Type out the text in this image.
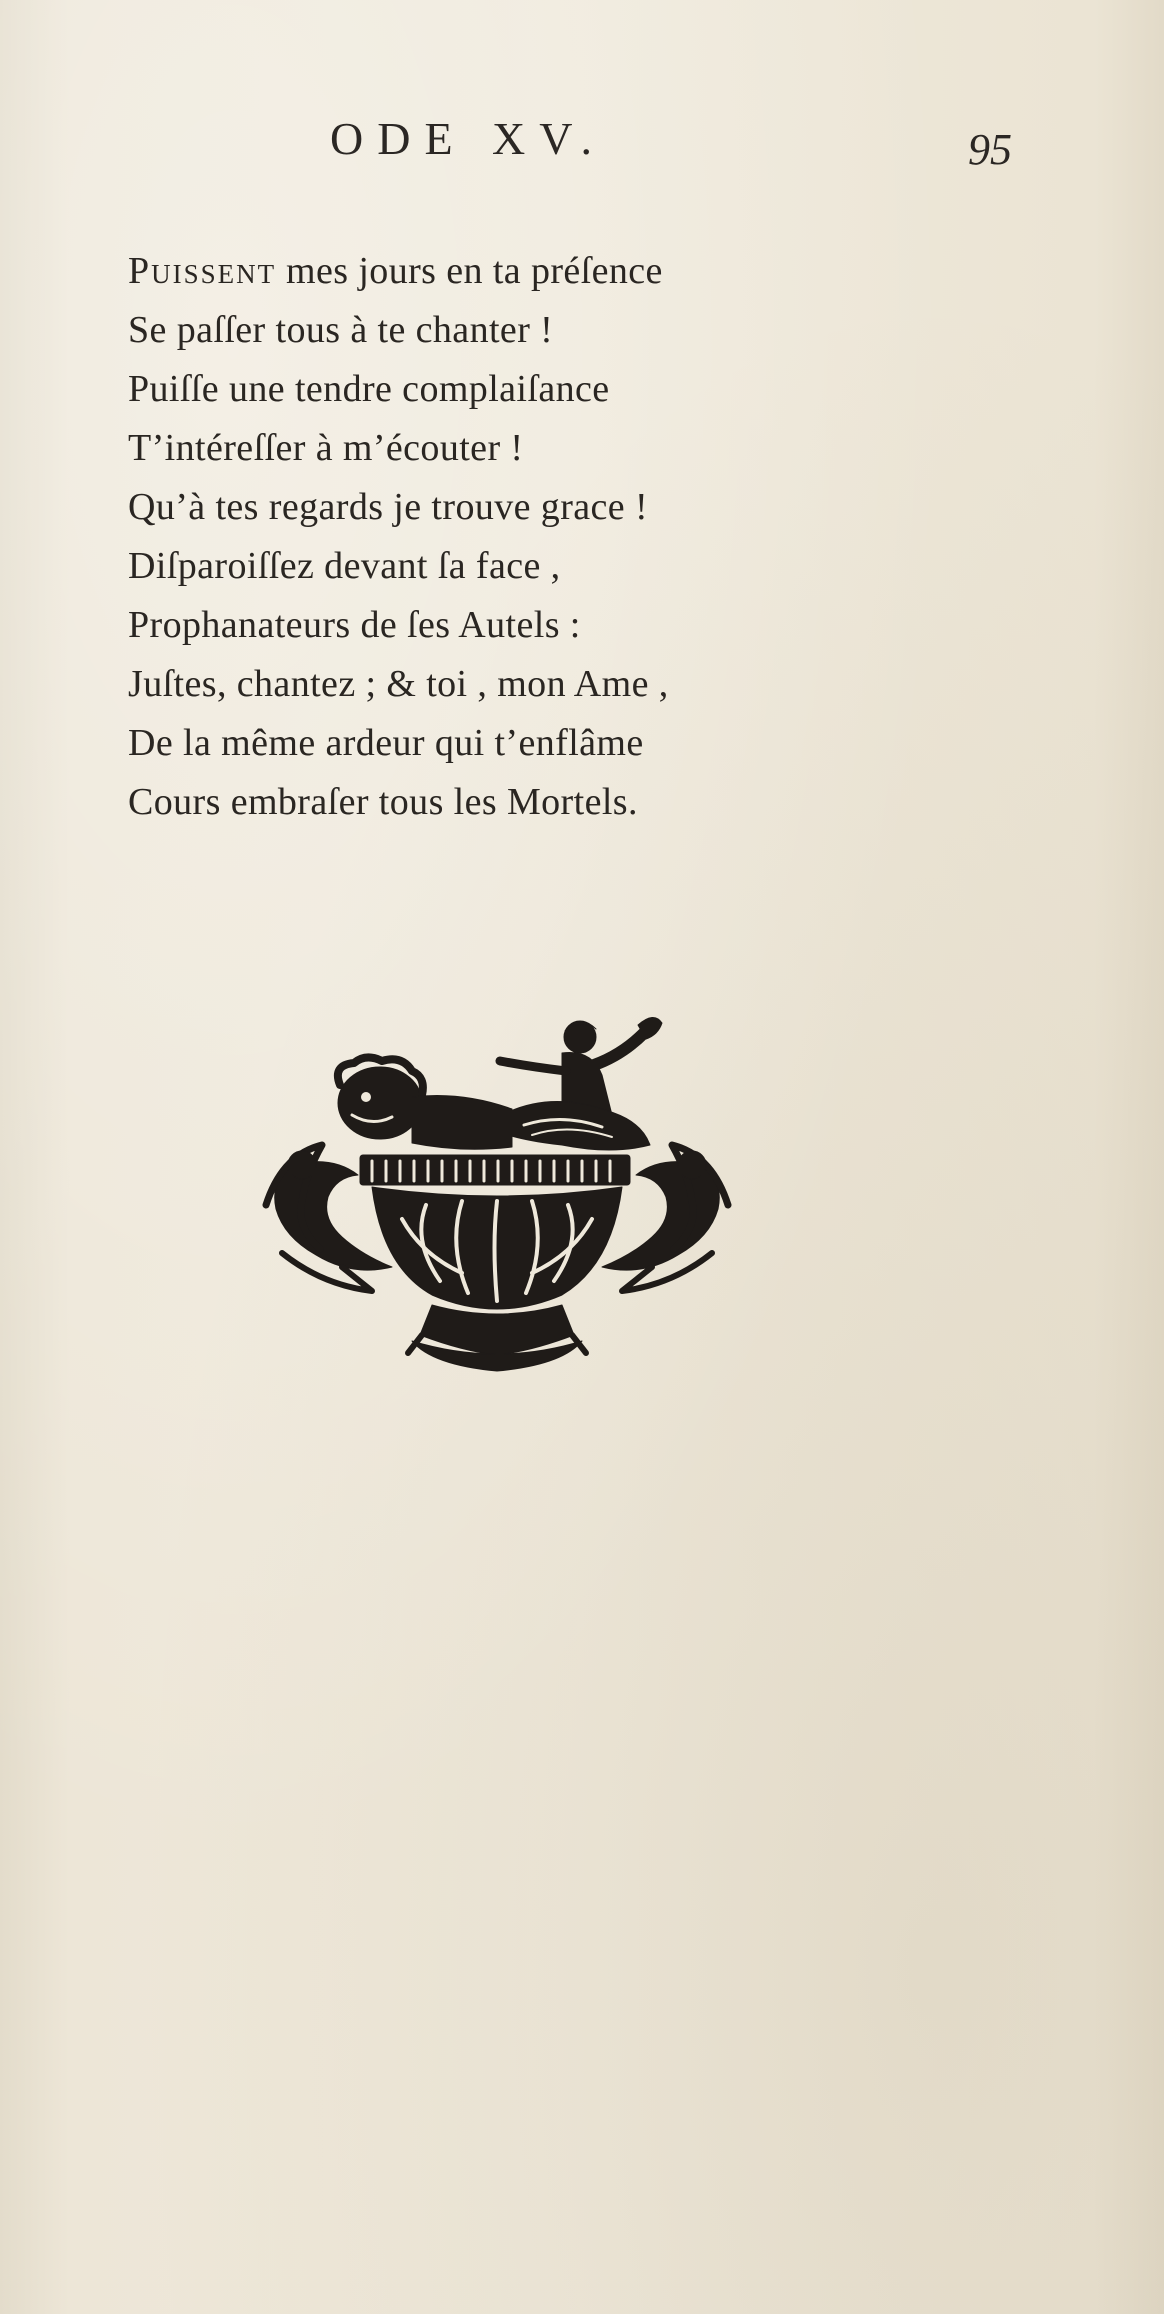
ODE XV.	95
Puissent mes jours en ta préſence
Se paſſer tous à te chanter !
Puiſſe une tendre complaiſance
T’intéreſſer à m’écouter !
Qu’à tes regards je trouve grace !
Diſparoiſſez devant ſa face ,
Prophanateurs de ſes Autels :
Juſtes, chantez ; & toi , mon Ame ,
De la même ardeur qui t’enflâme
Cours embraſer tous les Mortels.
